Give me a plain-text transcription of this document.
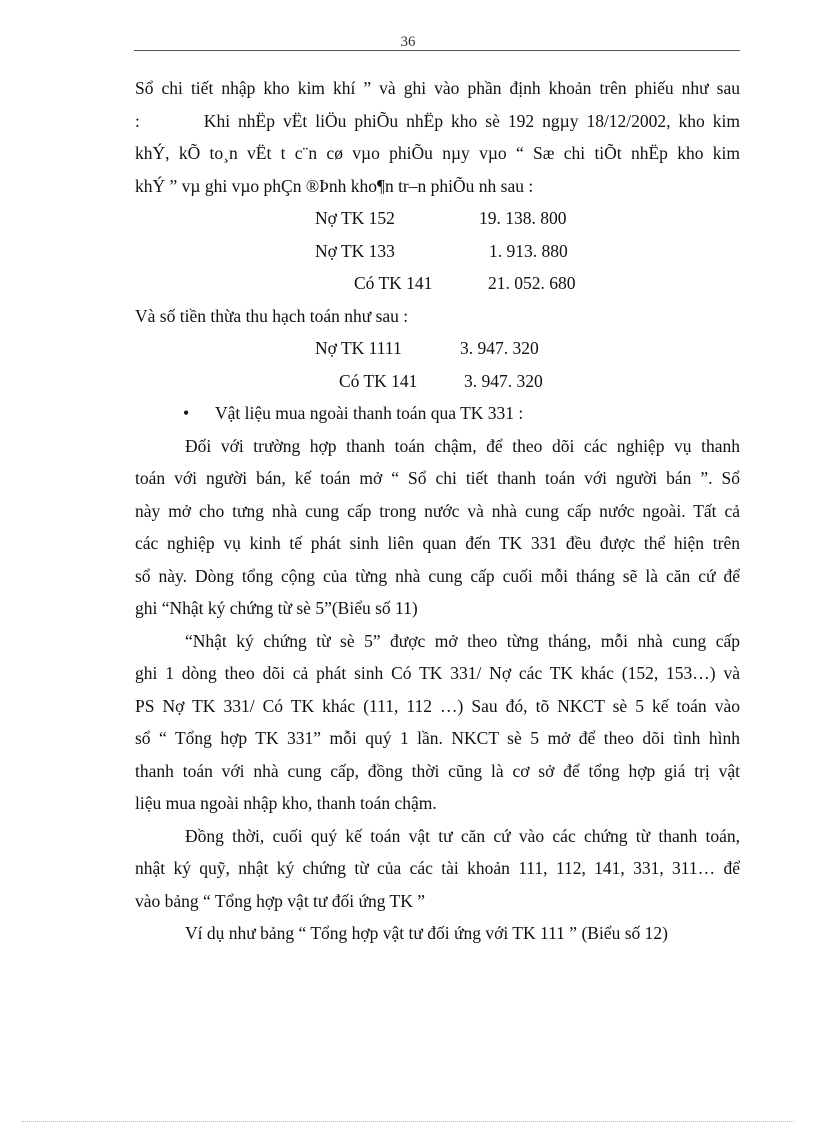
36
Sổ chi tiết nhập kho kim khí ” và ghi vào phần định khoản trên phiếu như sau
:        Khi nhËp vËt liÖu phiÕu nhËp kho sè 192 ngµy 18/12/2002, kho kim
khÝ, kÕ to¸n vËt t c¨n cø vµo phiÕu nµy vµo “ Sæ chi tiÕt nhËp kho kim
khÝ ” vµ ghi vµo phÇn ®Þnh kho¶n tr–n phiÕu nh sau :
Nợ TK 152	19. 138. 800
Nợ TK 133	1. 913. 880
Có TK 141	21. 052. 680
Và số tiền thừa thu hạch toán như sau :
Nợ TK 1111	3. 947. 320
Có TK 141	3. 947. 320
• Vật liệu mua ngoài thanh toán qua TK 331 :
Đối với trường hợp thanh toán chậm, để theo dõi các nghiệp vụ thanh
toán với người bán, kế toán mở “ Sổ chi tiết thanh toán với người bán ”. Sổ
này mở cho tưng nhà cung cấp trong nước và nhà cung cấp nước ngoài. Tất cả
các nghiệp vụ kinh tế phát sinh liên quan đến TK 331 đều được thể hiện trên
sổ này. Dòng tổng cộng của từng nhà cung cấp cuối mỗi tháng sẽ là căn cứ để
ghi “Nhật ký chứng từ sè 5”(Biểu số 11)
“Nhật ký chứng từ sè 5” được mở theo từng tháng, mỗi nhà cung cấp
ghi 1 dòng theo dõi cả phát sinh Có TK 331/ Nợ các TK khác (152, 153…) và
PS Nợ TK 331/ Có TK khác (111, 112 …) Sau đó, tõ NKCT sè 5 kế toán vào
sổ “ Tổng hợp TK 331” mỗi quý 1 lần. NKCT sè 5 mở để theo dõi tình hình
thanh toán với nhà cung cấp, đồng thời cũng là cơ sở để tổng hợp giá trị vật
liệu mua ngoài nhập kho, thanh toán chậm.
Đồng thời, cuối quý kế toán vật tư căn cứ vào các chứng từ thanh toán,
nhật ký quỹ, nhật ký chứng từ của các tài khoản 111, 112, 141, 331, 311… để
vào bảng “ Tổng hợp vật tư đối ứng TK ”
Ví dụ như bảng “ Tổng hợp vật tư đối ứng với TK 111 ” (Biểu số 12)
